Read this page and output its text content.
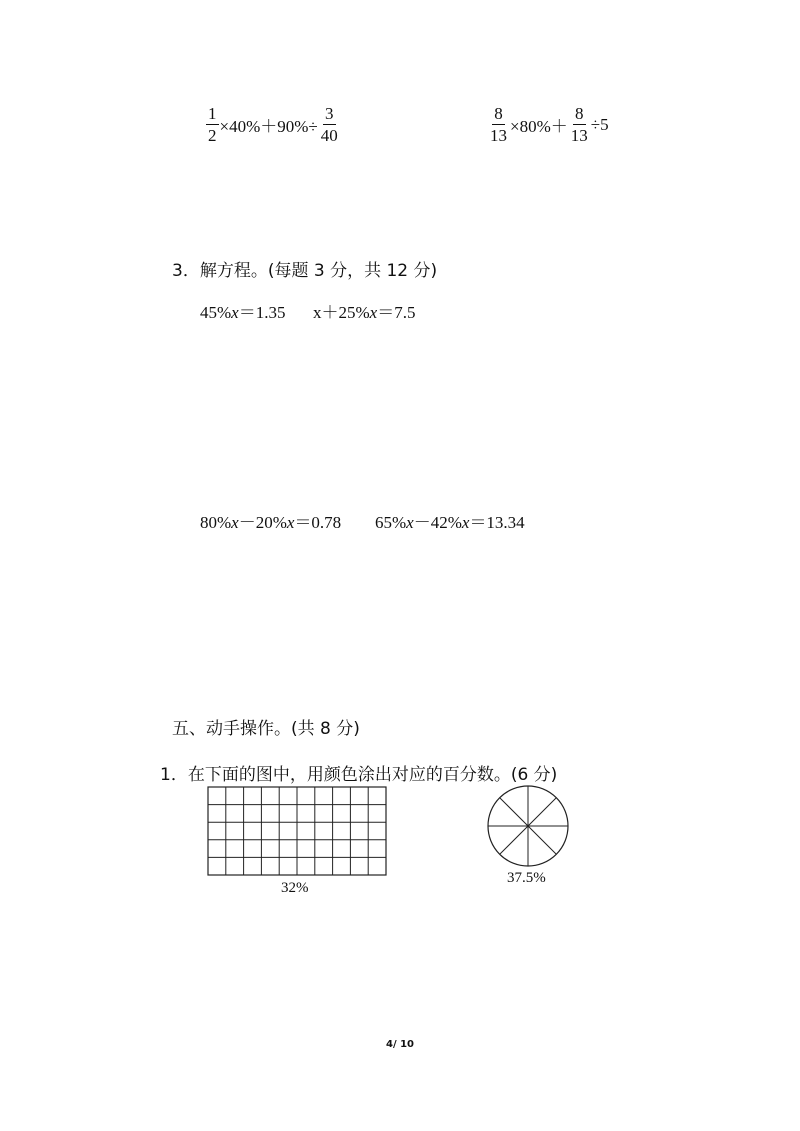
$\frac{1}{2} \times 40\%+90\%\div \frac{3}{40}$	$\frac{8}{13} \times 80\%+ \frac{8}{13} \div 5$
3．解方程。(每题 3 分，共 12 分)
45%x＝1.35 x＋25%x＝7.5
80%x－20%x＝0.78 65%x－42%x＝13.34
五、动手操作。(共 8 分)
1．在下面的图中，用颜色涂出对应的百分数。(6 分)
32%
37.5%
4/ 10
